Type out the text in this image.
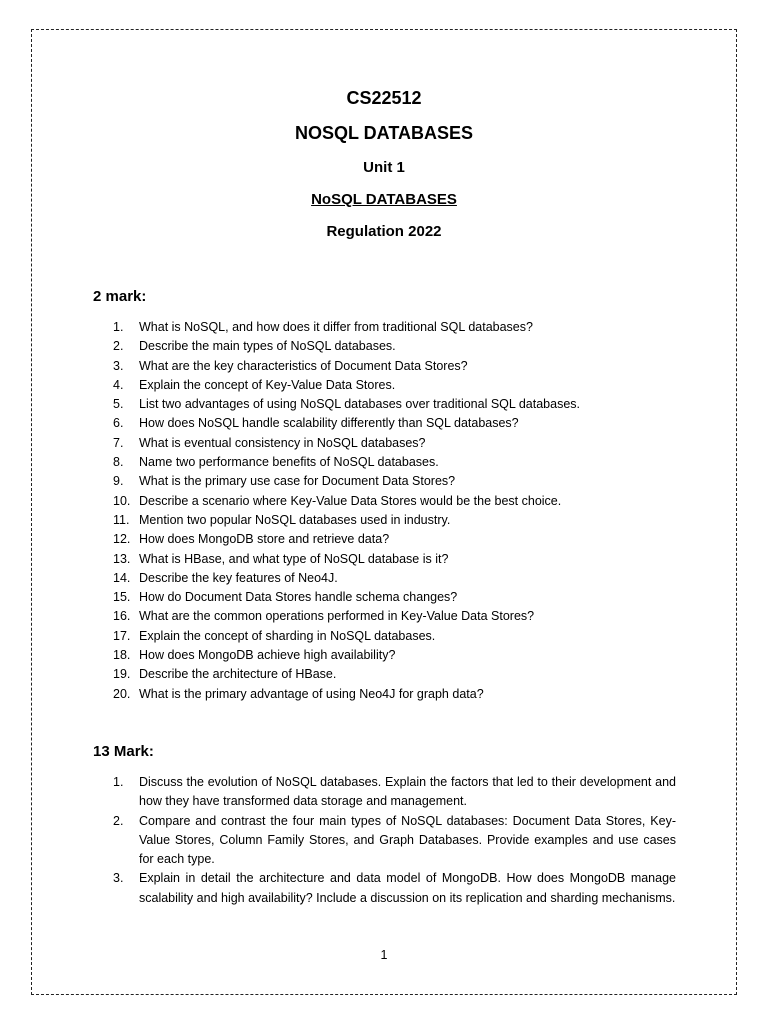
CS22512
NOSQL DATABASES
Unit 1
NoSQL DATABASES
Regulation 2022
2 mark:
1. What is NoSQL, and how does it differ from traditional SQL databases?
2. Describe the main types of NoSQL databases.
3. What are the key characteristics of Document Data Stores?
4. Explain the concept of Key-Value Data Stores.
5. List two advantages of using NoSQL databases over traditional SQL databases.
6. How does NoSQL handle scalability differently than SQL databases?
7. What is eventual consistency in NoSQL databases?
8. Name two performance benefits of NoSQL databases.
9. What is the primary use case for Document Data Stores?
10. Describe a scenario where Key-Value Data Stores would be the best choice.
11. Mention two popular NoSQL databases used in industry.
12. How does MongoDB store and retrieve data?
13. What is HBase, and what type of NoSQL database is it?
14. Describe the key features of Neo4J.
15. How do Document Data Stores handle schema changes?
16. What are the common operations performed in Key-Value Data Stores?
17. Explain the concept of sharding in NoSQL databases.
18. How does MongoDB achieve high availability?
19. Describe the architecture of HBase.
20. What is the primary advantage of using Neo4J for graph data?
13 Mark:
1. Discuss the evolution of NoSQL databases. Explain the factors that led to their development and how they have transformed data storage and management.
2. Compare and contrast the four main types of NoSQL databases: Document Data Stores, Key-Value Stores, Column Family Stores, and Graph Databases. Provide examples and use cases for each type.
3. Explain in detail the architecture and data model of MongoDB. How does MongoDB manage scalability and high availability? Include a discussion on its replication and sharding mechanisms.
1
